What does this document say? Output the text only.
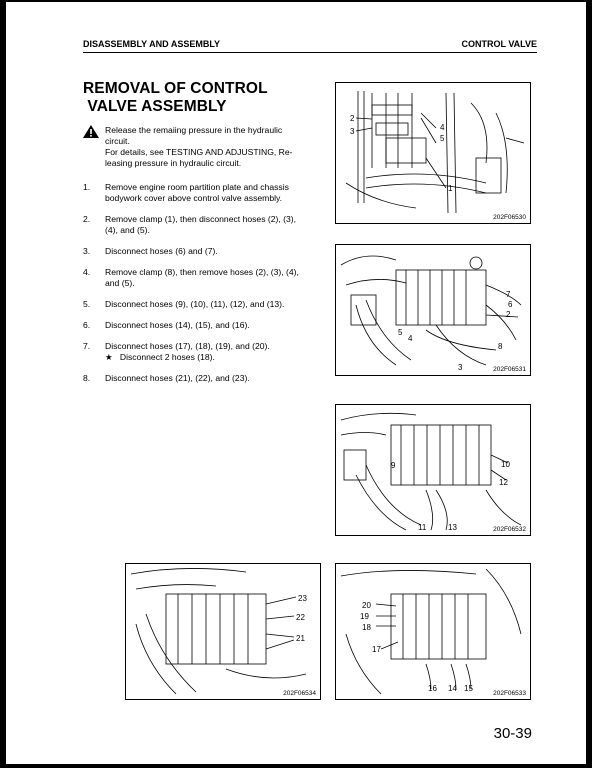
DISASSEMBLY AND ASSEMBLY	CONTROL VALVE
REMOVAL OF CONTROL
VALVE ASSEMBLY
Release the remaiing pressure in the hydraulic
circuit.
For details, see TESTING AND ADJUSTING, Re-
leasing pressure in hydraulic circuit.
1. Remove engine room partition plate and chassis
bodywork cover above control valve assembly.
2. Remove clamp (1), then disconnect hoses (2), (3),
(4), and (5).
3. Disconnect hoses (6) and (7).
4. Remove clamp (8), then remove hoses (2), (3), (4),
and (5).
5. Disconnect hoses (9), (10), (11), (12), and (13).
6. Disconnect hoses (14), (15), and (16).
7. Disconnect hoses (17), (18), (19), and (20).
★   Disconnect 2 hoses (18).
8. Disconnect hoses (21), (22), and (23).
2
3	4
5
1
202F06530
7
2
6
8
5
3
4
202F06531
9	10
12
11	13	202F06532
23
22
21
202F06534
20
19
18
17
16 14 15
202F06533
30-39
